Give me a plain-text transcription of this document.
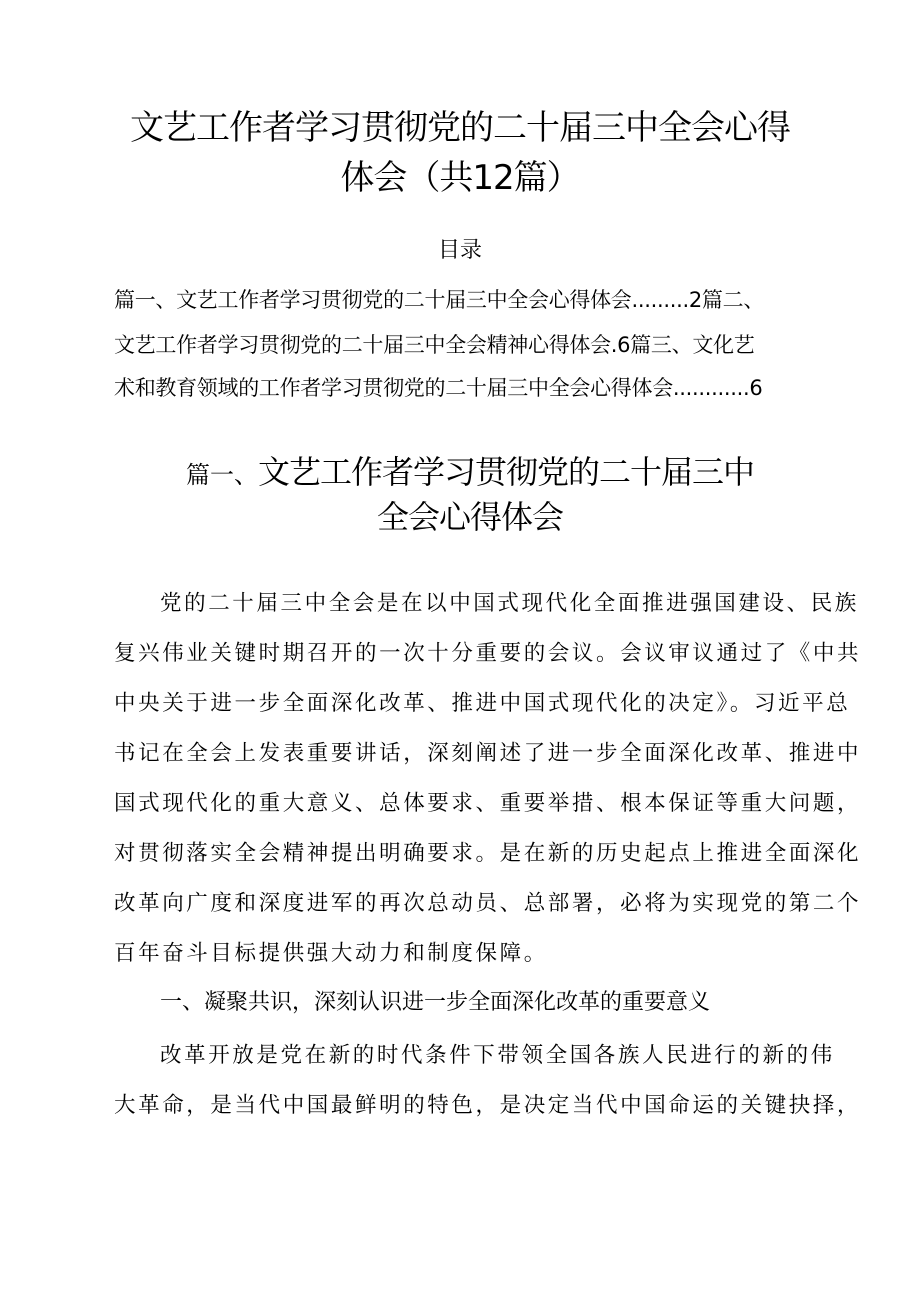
文艺工作者学习贯彻党的二十届三中全会心得
体会（共12篇）
目录
篇一、文艺工作者学习贯彻党的二十届三中全会心得体会.........2篇二、
文艺工作者学习贯彻党的二十届三中全会精神心得体会.6篇三、文化艺
术和教育领域的工作者学习贯彻党的二十届三中全会心得体会............6
篇一、文艺工作者学习贯彻党的二十届三中
全会心得体会
党的二十届三中全会是在以中国式现代化全面推进强国建设、民族
复兴伟业关键时期召开的一次十分重要的会议。会议审议通过了《中共
中央关于进一步全面深化改革、推进中国式现代化的决定》。习近平总
书记在全会上发表重要讲话，深刻阐述了进一步全面深化改革、推进中
国式现代化的重大意义、总体要求、重要举措、根本保证等重大问题，
对贯彻落实全会精神提出明确要求。是在新的历史起点上推进全面深化
改革向广度和深度进军的再次总动员、总部署，必将为实现党的第二个
百年奋斗目标提供强大动力和制度保障。
一、凝聚共识，深刻认识进一步全面深化改革的重要意义
改革开放是党在新的时代条件下带领全国各族人民进行的新的伟
大革命，是当代中国最鲜明的特色，是决定当代中国命运的关键抉择，
